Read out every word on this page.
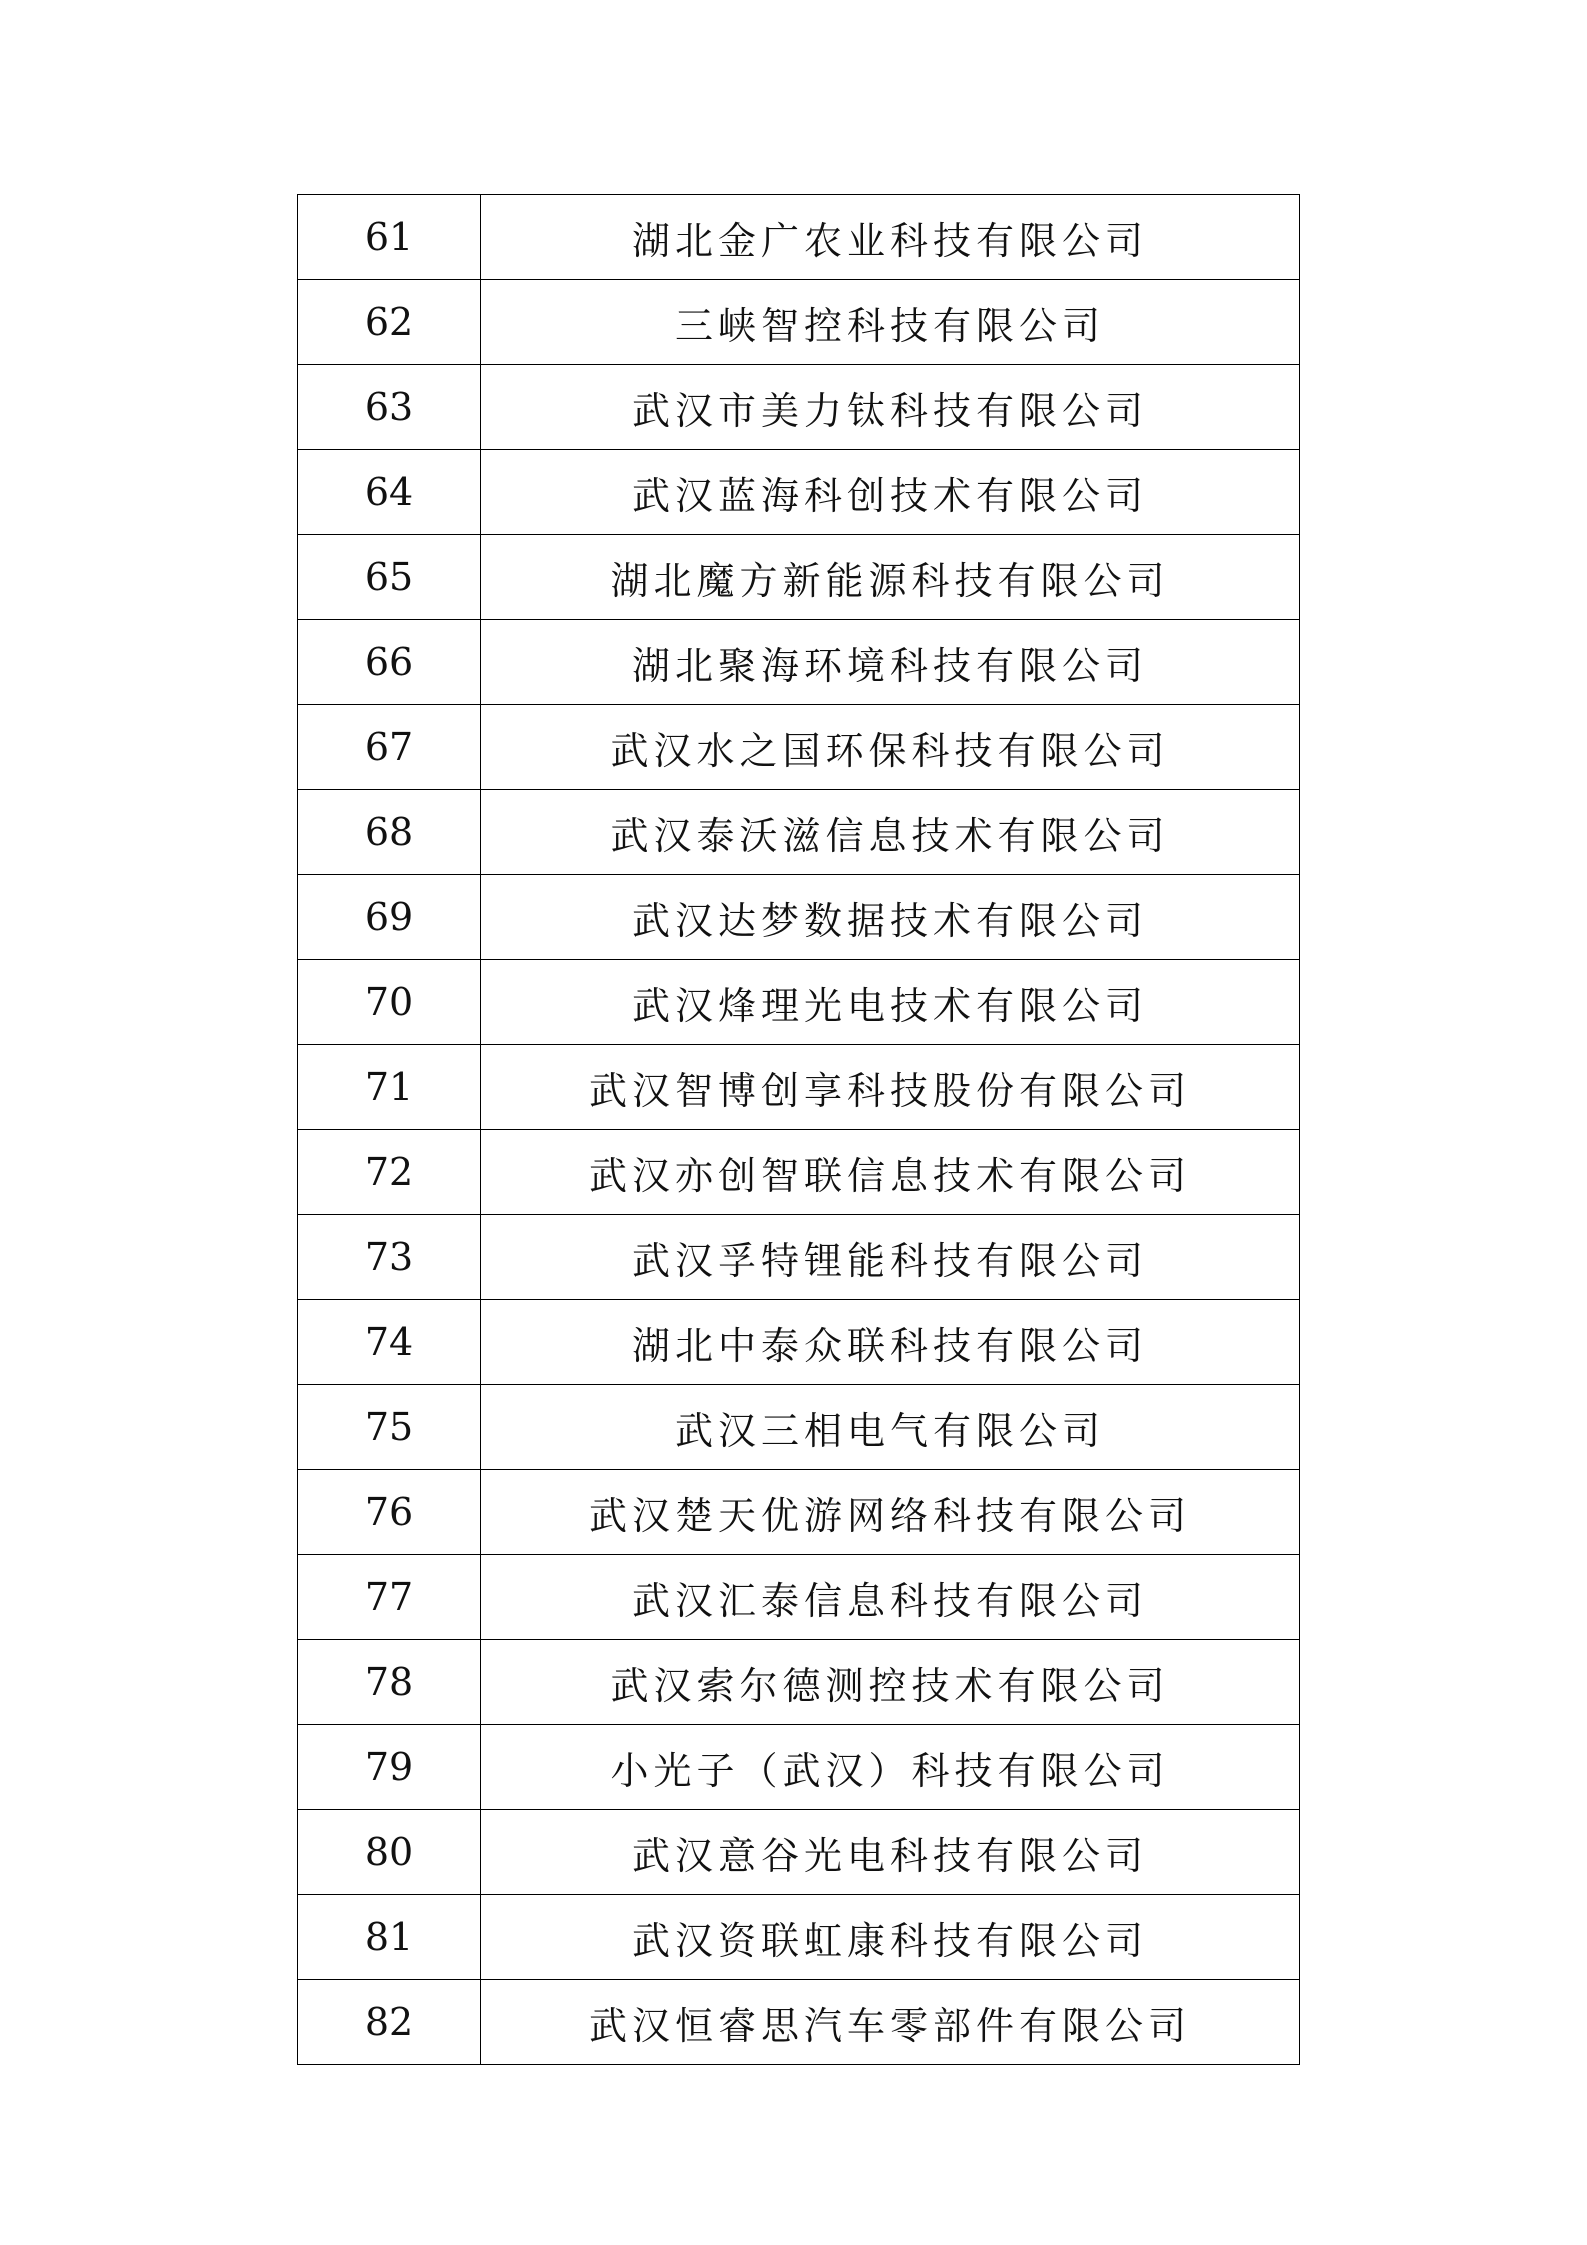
61	湖北金广农业科技有限公司
62	三峡智控科技有限公司
63	武汉市美力钛科技有限公司
64	武汉蓝海科创技术有限公司
65	湖北魔方新能源科技有限公司
66	湖北聚海环境科技有限公司
67	武汉水之国环保科技有限公司
68	武汉泰沃滋信息技术有限公司
69	武汉达梦数据技术有限公司
70	武汉烽理光电技术有限公司
71	武汉智博创享科技股份有限公司
72	武汉亦创智联信息技术有限公司
73	武汉孚特锂能科技有限公司
74	湖北中泰众联科技有限公司
75	武汉三相电气有限公司
76	武汉楚天优游网络科技有限公司
77	武汉汇泰信息科技有限公司
78	武汉索尔德测控技术有限公司
79	小光子（武汉）科技有限公司
80	武汉意谷光电科技有限公司
81	武汉资联虹康科技有限公司
82	武汉恒睿思汽车零部件有限公司
